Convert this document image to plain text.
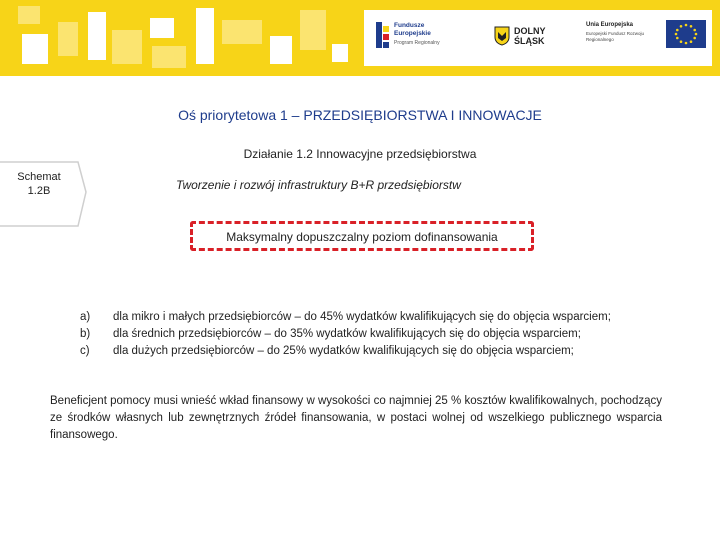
Fundusze
Europejskie
Program Regionalny
DOLNY
ŚLĄSK
Unia Europejska
Europejski Fundusz Rozwoju Regionalnego
Oś priorytetowa 1 – PRZEDSIĘBIORSTWA I INNOWACJE
Działanie 1.2 Innowacyjne przedsiębiorstwa
Schemat
1.2B	Tworzenie i rozwój infrastruktury B+R przedsiębiorstw
Maksymalny dopuszczalny poziom dofinansowania
a)	dla mikro i małych przedsiębiorców – do 45% wydatków kwalifikujących się do objęcia wsparciem;
b)	dla średnich przedsiębiorców – do 35% wydatków kwalifikujących się do objęcia wsparciem;
c)	dla dużych przedsiębiorców – do 25% wydatków kwalifikujących się do objęcia wsparciem;

Beneficjent pomocy musi wnieść wkład finansowy w wysokości co najmniej 25 % kosztów kwalifikowalnych, pochodzący ze środków własnych lub zewnętrznych źródeł finansowania, w postaci wolnej od wszelkiego publicznego wsparcia finansowego.
